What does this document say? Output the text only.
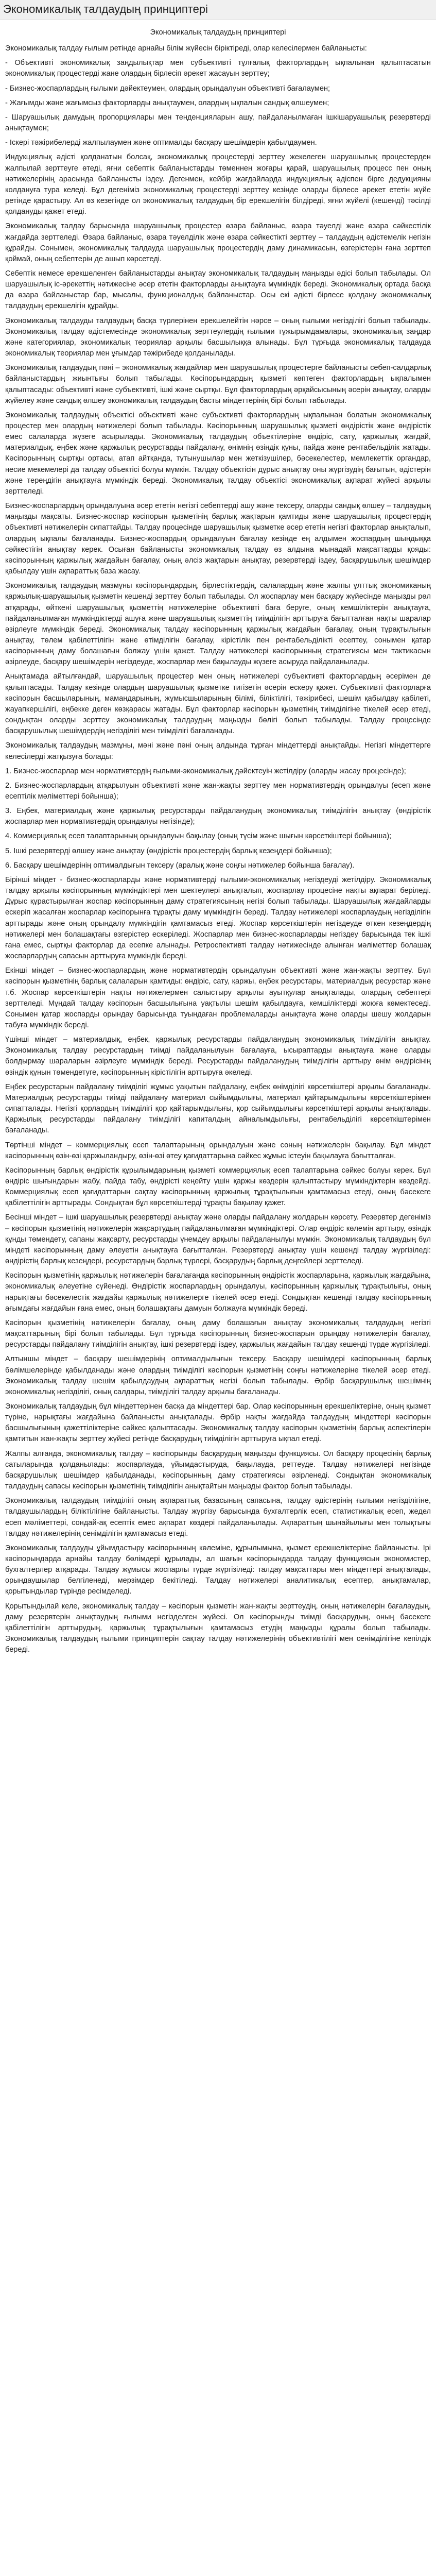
Экономикалық талдаудың принциптері
Экономикалық талдаудың принциптері

Экономикалық талдау ғылым ретінде арнайы білім жүйесін біріктіреді, олар келесілермен байланысты:

- Объективті экономикалық заңдылықтар мен субъективті тұлғалық факторлардың ықпалынан қалыптасатын экономикалық процестерді жане олардың бірлесіп әрекет жасауын зерттеу;

- Бизнес-жоспарлардың ғылыми дәйектеумен, олардың орындалуын объективті бағалаумен;

- Жағымды және жағымсыз факторларды анықтаумен, олардың ықпалын сандық өлшеумен;

- Шаруашылық дамудың пропорциялары мен тенденцияларын ашу, пайдаланылмаған ішкішаруашылық резервтерді анықтаумен;

- Іскері тәжірибелерді жалпылаумен және оптималды басқару шешімдерін қабылдаумен.

Индукциялық әдісті қолданатын болсақ, экономикалық процестерді зерттеу жекелеген шаруашылық процестерден жалпылай зерттеуге өтеді, яғни себептік байланыстарды төменнен жоғары қарай, шаруашылық процесс пен оның нәтижелерінің арасында байланысты іздеу. Дегенмен, кейбір жағдайларда индукциялық әдіспен бірге дедукцияны колдануға тура келеді. Бұл дегеніміз экономикалық процестерді зерттеу кезінде оларды бірлесе әрекет ететін жүйе ретінде қарастыру. Ал өз кезегінде ол экономикалық талдаудың бір ерекшелігін білдіреді, яғни жүйелі (кешенді) тәсілді қолдануды қажет етеді.

Экономикалық талдау барысында шаруашылық процестер өзара байланыс, өзара тәуелді және өзара сәйкестілік жағдайда зерттеледі. Өзара байланыс, өзара тәуелділік және өзара сәйкестікті зерттеу – талдаудың әдістемелік негізін құрайды. Сонымен, экономикалық талдауда шаруашылық процестердің даму динамикасын, өзгерістерін ғана зерттеп қоймай, оның себептерін де ашып көрсетеді.

Себептік немесе ерекшеленген байланыстарды анықтау экономикалық талдаудың маңызды әдісі болып табылады. Ол шаруашылық іс-әрекеттің нәтижесіне әсер ететін факторларды анықтауға мүмкіндік береді. Экономикалық ортада басқа да өзара байланыстар бар, мысалы, функционалдық байланыстар. Осы екі әдісті бірлесе қолдану экономикалық талдаудың ерекшелігін құрайды.

Экономикалық талдауды талдаудың басқа түрлерінен ерекшелейтін нәрсе – оның ғылыми негізділігі болып табылады. Экономикалық талдау әдістемесінде экономикалық зерттеулердің ғылыми тұжырымдамалары, экономикалық заңдар және категориялар, экономикалық теориялар арқылы басшылыққа алынады. Бұл тұрғыда экономикалық талдауда экономикалық теориялар мен ұғымдар тәжірибеде қолданылады.

Экономикалық талдаудың пәні – экономикалық жағдайлар мен шаруашылық процестерге байланысты себеп-салдарлық байланыстардың жиынтығы болып табылады. Кәсіпорындардың қызметі көптеген факторлардың ықпалымен қалыптасады: объективті және субъективті, ішкі және сыртқы. Бұл факторлардың әрқайсысының әсерін анықтау, оларды жүйелеу және сандық өлшеу экономикалық талдаудың басты міндеттерінің бірі болып табылады.

Экономикалық талдаудың объектісі объективті және субъективті факторлардың ықпалынан болатын экономикалық процестер мен олардың нәтижелері болып табылады. Кәсіпорынның шаруашылық қызметі өндірістік және өндірістік емес салаларда жүзеге асырылады. Экономикалық талдаудың объектілеріне өндіріс, сату, қаржылық жағдай, материалдық, еңбек және қаржылық ресурстарды пайдалану, өнімнің өзіндік құны, пайда және рентабельділік жатады. Кәсіпорынның сыртқы ортасы, атап айтқанда, тұтынушылар мен жеткізушілер, бәсекелестер, мемлекеттік органдар, несие мекемелері да талдау объектісі болуы мүмкін. Талдау объектісін дұрыс анықтау оны жүргізудің бағытын, әдістерін және тереңдігін анықтауға мүмкіндік береді. Экономикалық талдау объектісі экономикалық ақпарат жүйесі арқылы зерттеледі.

Бизнес-жоспарлардың орындалуына әсер ететін негізгі себептерді ашу және тексеру, оларды сандық өлшеу – талдаудың маңызды мақсаты. Бизнес-жоспар кәсіпорын қызметінің барлық жақтарын қамтиды және шаруашылық процестердің объективті нәтижелерін сипаттайды. Талдау процесінде шаруашылық қызметке әсер ететін негізгі факторлар анықталып, олардың ықпалы бағаланады. Бизнес-жоспардың орындалуын бағалау кезінде ең алдымен жоспардың шындыққа сәйкестігін анықтау керек. Осыған байланысты экономикалық талдау өз алдына мынадай мақсаттарды қояды: кәсіпорынның қаржылық жағдайын бағалау, оның әлсіз жақтарын анықтау, резервтерді іздеу, басқарушылық шешімдер қабылдау үшін ақпараттық база жасау.

Экономикалық талдаудың мазмұны кәсіпорындардың, бірлестіктердің, салалардың және жалпы ұлттық экономиканың қаржылық-шаруашылық қызметін кешенді зерттеу болып табылады. Ол жоспарлау мен басқару жүйесінде маңызды рөл атқарады, өйткені шаруашылық қызметтің нәтижелеріне объективті баға беруге, оның кемшіліктерін анықтауға, пайдаланылмаған мүмкіндіктерді ашуға және шаруашылық қызметтің тиімділігін арттыруға бағытталған нақты шаралар әзірлеуге мүмкіндік береді. Экономикалық талдау кәсіпорынның қаржылық жағдайын бағалау, оның тұрақтылығын анықтау, төлем қабілеттілігін және өтімділігін бағалау, кірістілік пен рентабельділікті есептеу, сонымен қатар кәсіпорынның даму болашағын болжау үшін қажет. Талдау нәтижелері кәсіпорынның стратегиясы мен тактикасын әзірлеуде, басқару шешімдерін негіздеуде, жоспарлар мен бақылауды жүзеге асыруда пайдаланылады.

Анықтамада айтылғандай, шаруашылық процестер мен оның нәтижелері субъективті факторлардың әсерімен де қалыптасады. Талдау кезінде олардың шаруашылық қызметке тигізетін әсерін ескеру қажет. Субъективті факторларға кәсіпорын басшыларының, мамандарының, жұмысшыларының білімі, біліктілігі, тәжірибесі, шешім қабылдау қабілеті, жауапкершілігі, еңбекке деген көзқарасы жатады. Бұл факторлар кәсіпорын қызметінің тиімділігіне тікелей әсер етеді, сондықтан оларды зерттеу экономикалық талдаудың маңызды бөлігі болып табылады. Талдау процесінде басқарушылық шешімдердің негізділігі мен тиімділігі бағаланады.

Экономикалық талдаудың мазмұны, мәні және пәні оның алдында тұрған міндеттерді анықтайды. Негізгі міндеттерге келесілерді жатқызуға болады:

1. Бизнес-жоспарлар мен нормативтердің ғылыми-экономикалық дәйектеуін жетілдіру (оларды жасау процесінде);

2. Бизнес-жоспарлардың атқарылуын объективті және жан-жақты зерттеу мен нормативтердің орындалуы (есеп және есептілік мәліметтері бойынша);

3. Еңбек, материалдық және қаржылық ресурстарды пайдаланудың экономикалық тиімділігін анықтау (өндірістік жоспарлар мен нормативтердің орындалуы негізінде);

4. Коммерциялық есеп талаптарының орындалуын бақылау (оның түсім және шығын көрсеткіштері бойынша);

5. Ішкі резервтерді өлшеу және анықтау (өндірістік процестердің барлық кезеңдері бойынша);

6. Басқару шешімдерінің оптималдығын тексеру (аралық және соңғы нәтижелер бойынша бағалау).

Бірінші міндет - бизнес-жоспарларды және нормативтерді ғылыми-экономикалық негіздеуді жетілдіру. Экономикалық талдау арқылы кәсіпорынның мүмкіндіктері мен шектеулері анықталып, жоспарлау процесіне нақты ақпарат беріледі. Дұрыс құрастырылған жоспар кәсіпорынның даму стратегиясының негізі болып табылады. Шаруашылық жағдайларды ескеріп жасалған жоспарлар кәсіпорынға тұрақты даму мүмкіндігін береді. Талдау нәтижелері жоспарлаудың негізділігін арттырады және оның орындалу мүмкіндігін қамтамасыз етеді. Жоспар көрсеткіштерін негіздеуде өткен кезеңдердің нәтижелері мен болашақтағы өзгерістер ескеріледі. Жоспарлар мен бизнес-жоспарларды негіздеу барысында тек ішкі ғана емес, сыртқы факторлар да есепке алынады. Ретроспективті талдау нәтижесінде алынған мәліметтер болашақ жоспарлардың сапасын арттыруға мүмкіндік береді.

Екінші міндет – бизнес-жоспарлардың және нормативтердің орындалуын объективті және жан-жақты зерттеу. Бұл кәсіпорын қызметінің барлық салаларын қамтиды: өндіріс, сату, қаржы, еңбек ресурстары, материалдық ресурстар және т.б. Жоспар көрсеткіштерін нақты нәтижелермен салыстыру арқылы ауытқулар анықталады, олардың себептері зерттеледі. Мұндай талдау кәсіпорын басшылығына уақтылы шешім қабылдауға, кемшіліктерді жоюға көмектеседі. Сонымен қатар жоспарды орындау барысында туындаған проблемаларды анықтауға және оларды шешу жолдарын табуға мүмкіндік береді.

Үшінші міндет – материалдық, еңбек, қаржылық ресурстарды пайдаланудың экономикалық тиімділігін анықтау. Экономикалық талдау ресурстардың тиімді пайдаланылуын бағалауға, ысыраптарды анықтауға және оларды болдырмау шараларын әзірлеуге мүмкіндік береді. Ресурстарды пайдаланудың тиімділігін арттыру өнім өндірісінің өзіндік құнын төмендетуге, кәсіпорынның кірістілігін арттыруға әкеледі.

Еңбек ресурстарын пайдалану тиімділігі жұмыс уақытын пайдалану, еңбек өнімділігі көрсеткіштері арқылы бағаланады. Материалдық ресурстарды тиімді пайдалану материал сыйымдылығы, материал қайтарымдылығы көрсеткіштерімен сипатталады. Негізгі қорлардың тиімділігі қор қайтарымдылығы, қор сыйымдылығы көрсеткіштері арқылы анықталады. Қаржылық ресурстарды пайдалану тиімділігі капиталдың айналымдылығы, рентабельділігі көрсеткіштерімен бағаланады.

Төртінші міндет – коммерциялық есеп талаптарының орындалуын және соның нәтижелерін бақылау. Бұл міндет кәсіпорынның өзін-өзі қаржыландыру, өзін-өзі өтеу қағидаттарына сәйкес жұмыс істеуін бақылауға бағытталған.

Кәсіпорынның барлық өндірістік құрылымдарының қызметі коммерциялық есеп талаптарына сәйкес болуы керек. Бұл өндіріс шығындарын жабу, пайда табу, өндірісті кеңейту үшін қаржы көздерін қалыптастыру мүмкіндіктерін көздейді. Коммерциялық есеп қағидаттарын сақтау кәсіпорынның қаржылық тұрақтылығын қамтамасыз етеді, оның бәсекеге қабілеттілігін арттырады. Сондықтан бұл көрсеткіштерді тұрақты бақылау қажет.

Бесінші міндет – ішкі шаруашылық резервтерді анықтау және оларды пайдалану жолдарын көрсету. Резервтер дегеніміз – кәсіпорын қызметінің нәтижелерін жақсартудың пайдаланылмаған мүмкіндіктері. Олар өндіріс көлемін арттыру, өзіндік құнды төмендету, сапаны жақсарту, ресурстарды үнемдеу арқылы пайдаланылуы мүмкін. Экономикалық талдаудың бұл міндеті кәсіпорынның даму әлеуетін анықтауға бағытталған. Резервтерді анықтау үшін кешенді талдау жүргізіледі: өндірістің барлық кезеңдері, ресурстардың барлық түрлері, басқарудың барлық деңгейлері зерттеледі.

Кәсіпорын қызметінің қаржылық нәтижелерін бағалағанда кәсіпорынның өндірістік жоспарларына, қаржылық жағдайына, экономикалық әлеуетіне сүйенеді. Өндірістік жоспарлардың орындалуы, кәсіпорынның қаржылық тұрақтылығы, оның нарықтағы бәсекелестік жағдайы қаржылық нәтижелерге тікелей әсер етеді. Сондықтан кешенді талдау кәсіпорынның ағымдағы жағдайын ғана емес, оның болашақтағы дамуын болжауға мүмкіндік береді.

Кәсіпорын қызметінің нәтижелерін бағалау, оның даму болашағын анықтау экономикалық талдаудың негізгі мақсаттарының бірі болып табылады. Бұл тұрғыда кәсіпорынның бизнес-жоспарын орындау нәтижелерін бағалау, ресурстарды пайдалану тиімділігін анықтау, ішкі резервтерді іздеу, қаржылық жағдайын талдау кешенді түрде жүргізіледі.

Алтыншы міндет – басқару шешімдерінің оптималдылығын тексеру. Басқару шешімдері кәсіпорынның барлық бөлімшелерінде қабылданады және олардың тиімділігі кәсіпорын қызметінің соңғы нәтижелеріне тікелей әсер етеді. Экономикалық талдау шешім қабылдаудың ақпараттық негізі болып табылады. Әрбір басқарушылық шешімнің экономикалық негізділігі, оның салдары, тиімділігі талдау арқылы бағаланады.

Экономикалық талдаудың бұл міндеттерінен басқа да міндеттері бар. Олар кәсіпорынның ерекшеліктеріне, оның қызмет түріне, нарықтағы жағдайына байланысты анықталады. Әрбір нақты жағдайда талдаудың міндеттері кәсіпорын басшылығының қажеттіліктеріне сәйкес қалыптасады. Экономикалық талдау кәсіпорын қызметінің барлық аспектілерін қамтитын жан-жақты зерттеу жүйесі ретінде басқарудың тиімділігін арттыруға ықпал етеді.

Жалпы алғанда, экономикалық талдау – кәсіпорынды басқарудың маңызды функциясы. Ол басқару процесінің барлық сатыларында қолданылады: жоспарлауда, ұйымдастыруда, бақылауда, реттеуде. Талдау нәтижелері негізінде басқарушылық шешімдер қабылданады, кәсіпорынның даму стратегиясы әзірленеді. Сондықтан экономикалық талдаудың сапасы кәсіпорын қызметінің тиімділігін анықтайтын маңызды фактор болып табылады.

Экономикалық талдаудың тиімділігі оның ақпараттық базасының сапасына, талдау әдістерінің ғылыми негізділігіне, талдаушылардың біліктілігіне байланысты. Талдау жүргізу барысында бухгалтерлік есеп, статистикалық есеп, жедел есеп мәліметтері, сондай-ақ есептік емес ақпарат көздері пайдаланылады. Ақпараттың шынайылығы мен толықтығы талдау нәтижелерінің сенімділігін қамтамасыз етеді.

Экономикалық талдауды ұйымдастыру кәсіпорынның көлеміне, құрылымына, қызмет ерекшеліктеріне байланысты. Ірі кәсіпорындарда арнайы талдау бөлімдері құрылады, ал шағын кәсіпорындарда талдау функциясын экономистер, бухгалтерлер атқарады. Талдау жұмысы жоспарлы түрде жүргізіледі: талдау мақсаттары мен міндеттері анықталады, орындаушылар белгіленеді, мерзімдер бекітіледі. Талдау нәтижелері аналитикалық есептер, анықтамалар, қорытындылар түрінде ресімделеді.

Қорытындылай келе, экономикалық талдау – кәсіпорын қызметін жан-жақты зерттеудің, оның нәтижелерін бағалаудың, даму резервтерін анықтаудың ғылыми негізделген жүйесі. Ол кәсіпорынды тиімді басқарудың, оның бәсекеге қабілеттілігін арттырудың, қаржылық тұрақтылығын қамтамасыз етудің маңызды құралы болып табылады. Экономикалық талдаудың ғылыми принциптерін сақтау талдау нәтижелерінің объективтілігі мен сенімділігіне кепілдік береді.
